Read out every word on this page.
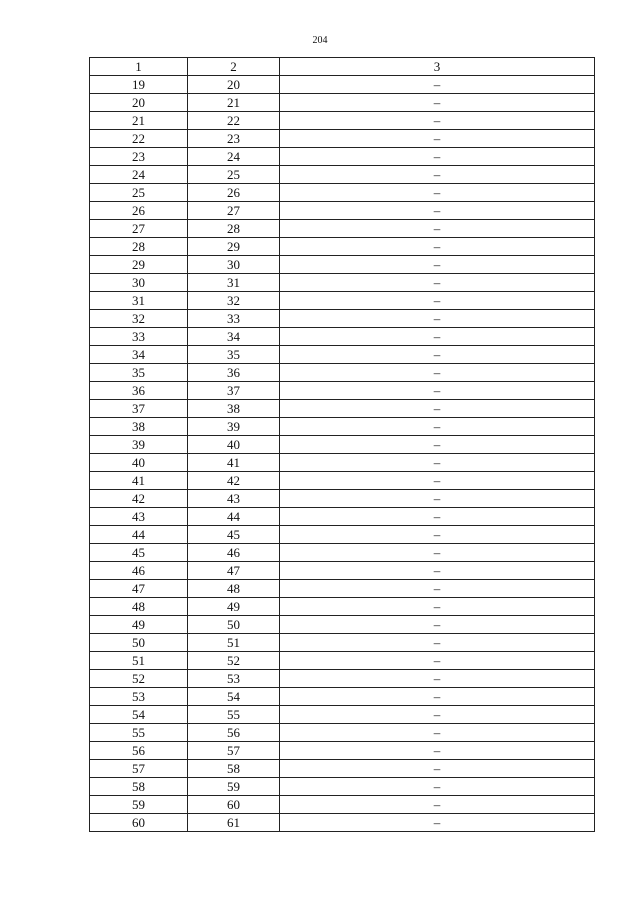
204
1	2	3
19	20	–
20	21	–
21	22	–
22	23	–
23	24	–
24	25	–
25	26	–
26	27	–
27	28	–
28	29	–
29	30	–
30	31	–
31	32	–
32	33	–
33	34	–
34	35	–
35	36	–
36	37	–
37	38	–
38	39	–
39	40	–
40	41	–
41	42	–
42	43	–
43	44	–
44	45	–
45	46	–
46	47	–
47	48	–
48	49	–
49	50	–
50	51	–
51	52	–
52	53	–
53	54	–
54	55	–
55	56	–
56	57	–
57	58	–
58	59	–
59	60	–
60	61	–
